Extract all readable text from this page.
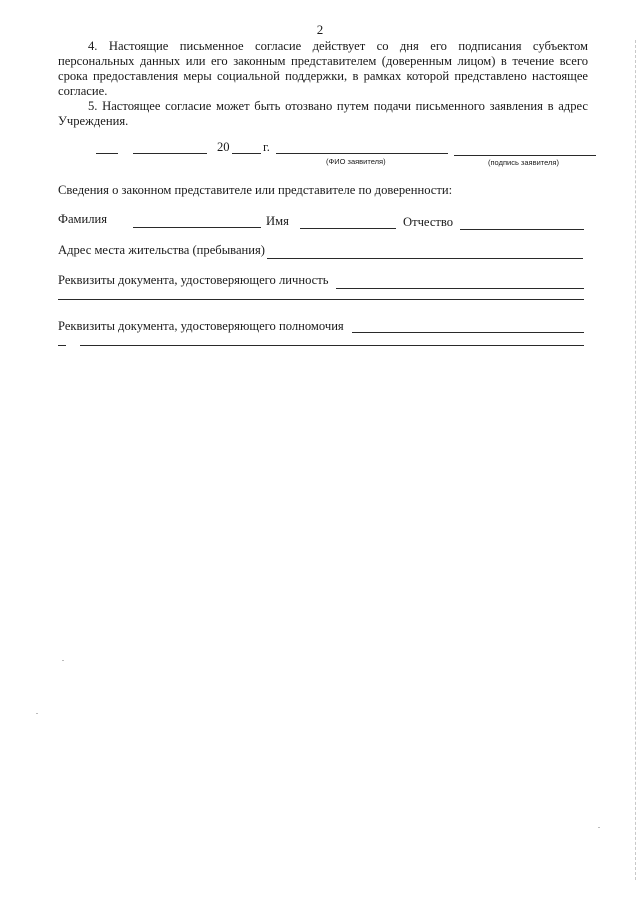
2
4. Настоящие письменное согласие действует со дня его подписания субъектом персональных данных или его законным представителем (доверенным лицом) в течение всего срока предоставления меры социальной поддержки, в рамках которой представлено настоящее согласие.
5. Настоящее согласие может быть отозвано путем подачи письменного заявления в адрес Учреждения.
20	г.
(ФИО заявителя)	(подпись заявителя)
Сведения о законном представителе или представителе по доверенности:
Фамилия	Имя	Отчество
Адрес места жительства (пребывания)
Реквизиты документа, удостоверяющего личность
Реквизиты документа, удостоверяющего полномочия
